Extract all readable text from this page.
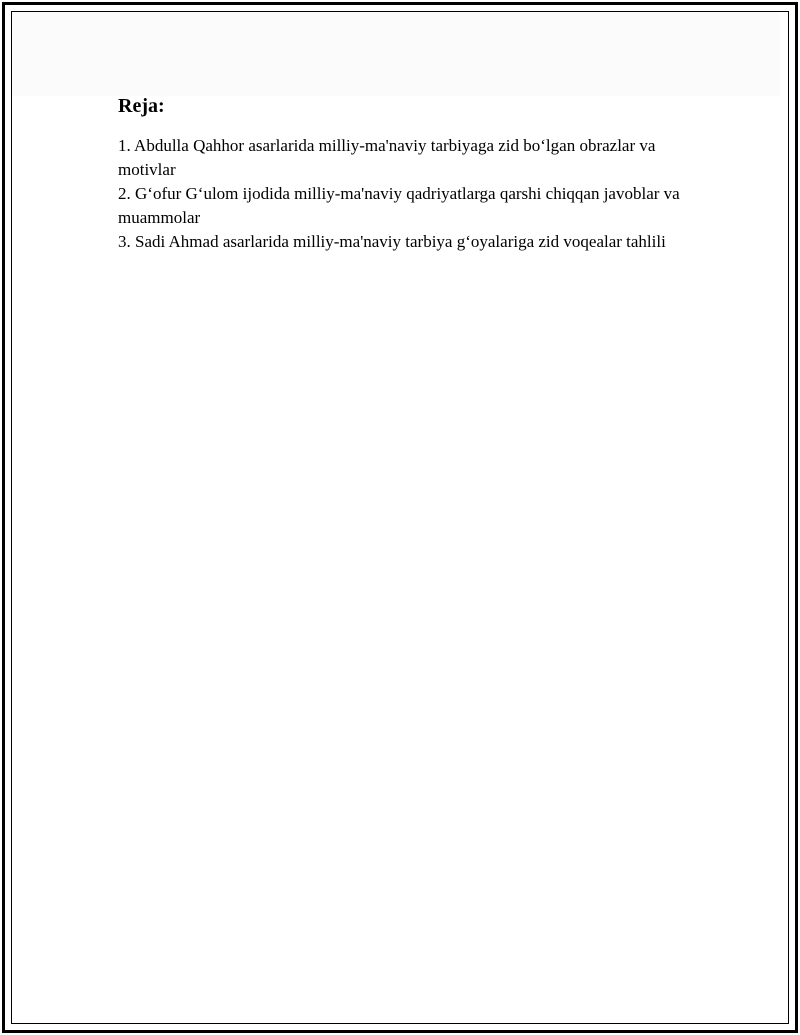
Reja:

1. Abdulla Qahhor asarlarida milliy-ma'naviy tarbiyaga zid bo‘lgan obrazlar va motivlar

2. G‘ofur G‘ulom ijodida milliy-ma'naviy qadriyatlarga qarshi chiqqan javoblar va muammolar

3. Sadi Ahmad asarlarida milliy-ma'naviy tarbiya g‘oyalariga zid voqealar tahlili
